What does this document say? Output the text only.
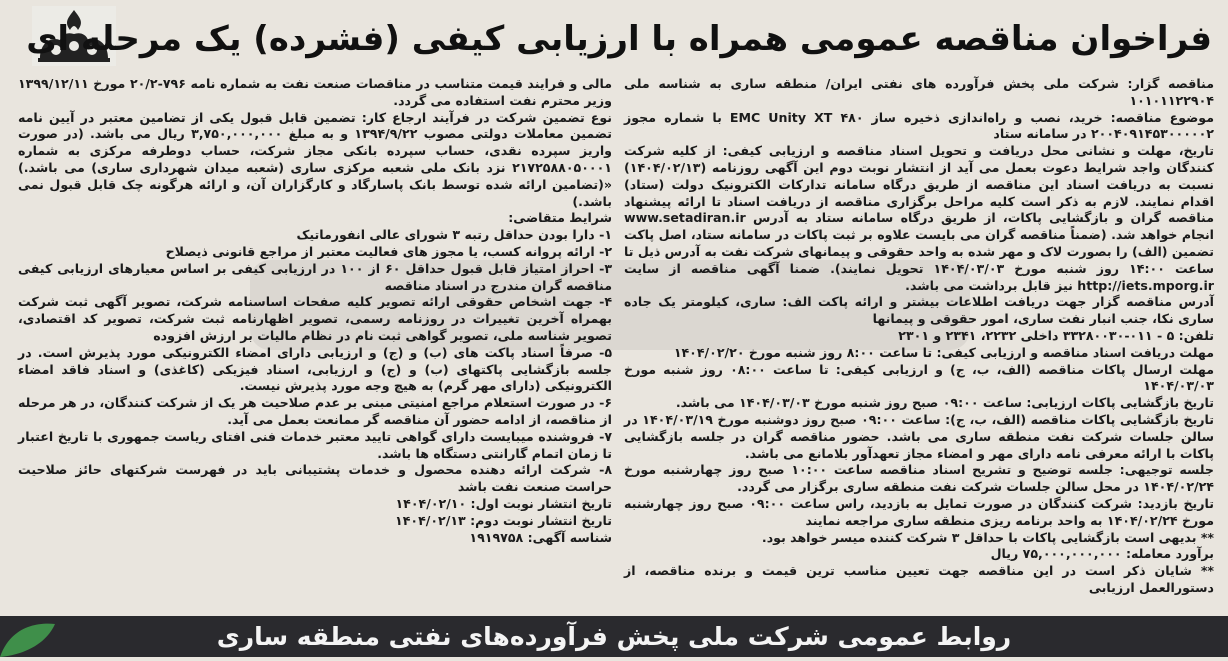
فراخوان مناقصه عمومی همراه با ارزیابی کیفی (فشرده) یک مرحله ای

مناقصه گزار: شرکت ملی پخش فرآورده های نفتی ایران/ منطقه ساری به شناسه ملی ۱۰۱۰۱۱۲۲۹۰۴

موضوع مناقصه: خرید، نصب و راه‌اندازی ذخیره ساز EMC Unity XT ۴۸۰ با شماره مجوز ۲۰۰۴۰۹۱۴۵۳۰۰۰۰۰۲ در سامانه ستاد

تاریخ، مهلت و نشانی محل دریافت و تحویل اسناد مناقصه و ارزیابی کیفی: از کلیه شرکت کنندگان واجد شرایط دعوت بعمل می آید از انتشار نوبت دوم این آگهی روزنامه (۱۴۰۴/۰۲/۱۳) نسبت به دریافت اسناد این مناقصه از طریق درگاه سامانه تدارکات الکترونیک دولت (ستاد) اقدام نمایند. لازم به ذکر است کلیه مراحل برگزاری مناقصه از دریافت اسناد تا ارائه پیشنهاد مناقصه گران و بازگشایی پاکات، از طریق درگاه سامانه ستاد به آدرس www.setadiran.ir انجام خواهد شد. (ضمناً مناقصه گران می بایست علاوه بر ثبت پاکات در سامانه ستاد، اصل پاکت تضمین (الف) را بصورت لاک و مهر شده به واحد حقوقی و پیمانهای شرکت نفت به آدرس ذیل تا ساعت ۱۴:۰۰ روز شنبه مورخ ۱۴۰۴/۰۳/۰۳ تحویل نمایند). ضمنا آگهی مناقصه از سایت http://iets.mporg.ir نیز قابل برداشت می باشد.

آدرس مناقصه گزار جهت دریافت اطلاعات بیشتر و ارائه پاکت الف: ساری، کیلومتر یک جاده ساری نکا، جنب انبار نفت ساری، امور حقوقی و پیمانها

تلفن: ۵ - ۰۱۱-۳۳۲۸۰۰۳۰ داخلی ۲۲۳۲، ۲۳۴۱ و ۲۳۰۱

مهلت دریافت اسناد مناقصه و ارزیابی کیفی: تا ساعت ۸:۰۰ روز شنبه مورخ ۱۴۰۴/۰۲/۲۰

مهلت ارسال پاکات مناقصه (الف، ب، ج) و ارزیابی کیفی: تا ساعت ۰۸:۰۰ روز شنبه مورخ ۱۴۰۴/۰۳/۰۳

تاریخ بازگشایی پاکات ارزیابی: ساعت ۰۹:۰۰ صبح روز شنبه مورخ ۱۴۰۴/۰۳/۰۳ می باشد.

تاریخ بازگشایی پاکات مناقصه (الف، ب، ج): ساعت ۰۹:۰۰ صبح روز دوشنبه مورخ ۱۴۰۴/۰۳/۱۹ در سالن جلسات شرکت نفت منطقه ساری می باشد. حضور مناقصه گران در جلسه بازگشایی پاکات با ارائه معرفی نامه دارای مهر و امضاء مجاز تعهدآور بلامانع می باشد.

جلسه توجیهی: جلسه توضیح و تشریح اسناد مناقصه ساعت ۱۰:۰۰ صبح روز چهارشنبه مورخ ۱۴۰۴/۰۲/۲۴ در محل سالن جلسات شرکت نفت منطقه ساری برگزار می گردد.

تاریخ بازدید: شرکت کنندگان در صورت تمایل به بازدید، راس ساعت ۰۹:۰۰ صبح روز چهارشنبه مورخ ۱۴۰۴/۰۲/۲۴ به واحد برنامه ریزی منطقه ساری مراجعه نمایند

** بدیهی است بازگشایی پاکات با حداقل ۳ شرکت کننده میسر خواهد بود.

برآورد معامله: ۷۵,۰۰۰,۰۰۰,۰۰۰ ریال

** شایان ذکر است در این مناقصه جهت تعیین مناسب ترین قیمت و برنده مناقصه، از دستورالعمل ارزیابی

مالی و فرایند قیمت متناسب در مناقصات صنعت نفت به شماره نامه ۷۹۶-۲۰/۲ مورخ ۱۳۹۹/۱۲/۱۱ وزیر محترم نفت استفاده می گردد.

نوع تضمین شرکت در فرآیند ارجاع کار: تضمین قابل قبول یکی از تضامین معتبر در آیین نامه تضمین معاملات دولتی مصوب ۱۳۹۴/۹/۲۲ و به مبلغ ۳,۷۵۰,۰۰۰,۰۰۰ ریال می باشد. (در صورت واریز سپرده نقدی، حساب سپرده بانکی مجاز شرکت، حساب دوطرفه مرکزی به شماره ۲۱۷۲۵۸۸۰۵۰۰۰۱ نزد بانک ملی شعبه مرکزی ساری (شعبه میدان شهرداری ساری) می باشد.) «(تضامین ارائه شده توسط بانک پاسارگاد و کارگزاران آن، و ارائه هرگونه چک قابل قبول نمی باشد.)

شرایط متقاضی:

۱- دارا بودن حداقل رتبه ۳ شورای عالی انفورماتیک

۲- ارائه پروانه کسب، یا مجوز های فعالیت معتبر از مراجع قانونی ذیصلاح

۳- احراز امتیاز قابل قبول حداقل ۶۰ از ۱۰۰ در ارزیابی کیفی بر اساس معیارهای ارزیابی کیفی مناقصه گران مندرج در اسناد مناقصه

۴- جهت اشخاص حقوقی ارائه تصویر کلیه صفحات اساسنامه شرکت، تصویر آگهی ثبت شرکت بهمراه آخرین تغییرات در روزنامه رسمی، تصویر اظهارنامه ثبت شرکت، تصویر کد اقتصادی، تصویر شناسه ملی، تصویر گواهی ثبت نام در نظام مالیات بر ارزش افزوده

۵- صرفاً اسناد پاکت های (ب) و (ج) و ارزیابی دارای امضاء الکترونیکی مورد پذیرش است. در جلسه بازگشایی پاکتهای (ب) و (ج) و ارزیابی، اسناد فیزیکی (کاغذی) و اسناد فاقد امضاء الکترونیکی (دارای مهر گرم) به هیچ وجه مورد پذیرش نیست.

۶- در صورت استعلام مراجع امنیتی مبنی بر عدم صلاحیت هر یک از شرکت کنندگان، در هر مرحله از مناقصه، از ادامه حضور آن مناقصه گر ممانعت بعمل می آید.

۷- فروشنده میبایست دارای گواهی تایید معتبر خدمات فنی افتای ریاست جمهوری با تاریخ اعتبار تا زمان اتمام گارانتی دستگاه ها باشد.

۸- شرکت ارائه دهنده محصول و خدمات پشتیبانی باید در فهرست شرکتهای حائز صلاحیت حراست صنعت نفت باشد

تاریخ انتشار نوبت اول: ۱۴۰۴/۰۲/۱۰

تاریخ انتشار نوبت دوم: ۱۴۰۴/۰۲/۱۳

شناسه آگهی: ۱۹۱۹۷۵۸

روابط عمومی شرکت ملی پخش فرآورده‌های نفتی منطقه ساری
